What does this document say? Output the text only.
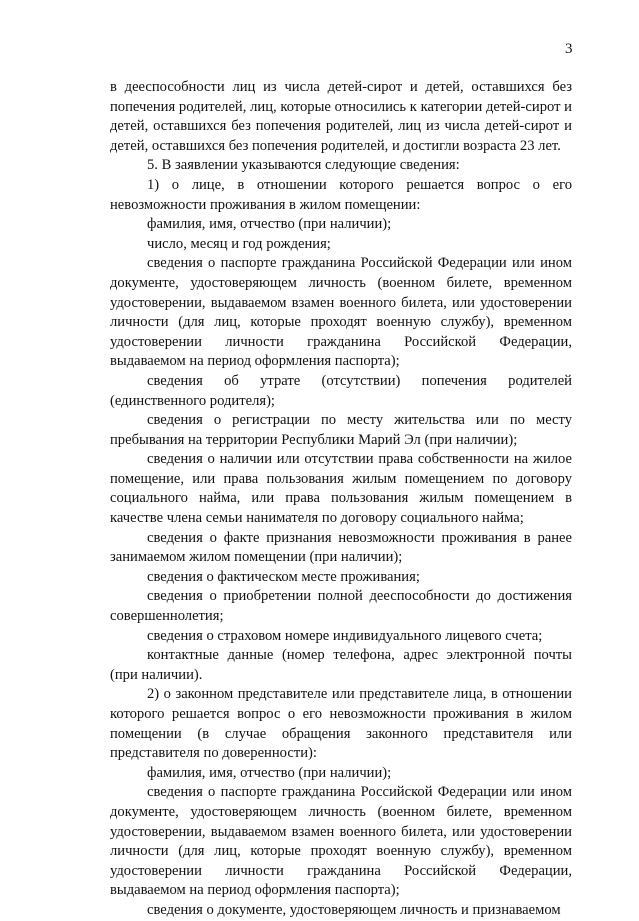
3

в дееспособности лиц из числа детей-сирот и детей, оставшихся без попечения родителей, лиц, которые относились к категории детей-сирот и детей, оставшихся без попечения родителей, лиц из числа детей-сирот и детей, оставшихся без попечения родителей, и достигли возраста 23 лет.

5. В заявлении указываются следующие сведения:

1) о лице, в отношении которого решается вопрос о его невозможности проживания в жилом помещении:

фамилия, имя, отчество (при наличии);

число, месяц и год рождения;

сведения о паспорте гражданина Российской Федерации или ином документе, удостоверяющем личность (военном билете, временном удостоверении, выдаваемом взамен военного билета, или удостоверении личности (для лиц, которые проходят военную службу), временном удостоверении личности гражданина Российской Федерации, выдаваемом на период оформления паспорта);

сведения об утрате (отсутствии) попечения родителей (единственного родителя);

сведения о регистрации по месту жительства или по месту пребывания на территории Республики Марий Эл (при наличии);

сведения о наличии или отсутствии права собственности на жилое помещение, или права пользования жилым помещением по договору социального найма, или права пользования жилым помещением в качестве члена семьи нанимателя по договору социального найма;

сведения о факте признания невозможности проживания в ранее занимаемом жилом помещении (при наличии);

сведения о фактическом месте проживания;

сведения о приобретении полной дееспособности до достижения совершеннолетия;

сведения о страховом номере индивидуального лицевого счета;

контактные данные (номер телефона, адрес электронной почты (при наличии).

2) о законном представителе или представителе лица, в отношении которого решается вопрос о его невозможности проживания в жилом помещении (в случае обращения законного представителя или представителя по доверенности):

фамилия, имя, отчество (при наличии);

сведения о паспорте гражданина Российской Федерации или ином документе, удостоверяющем личность (военном билете, временном удостоверении, выдаваемом взамен военного билета, или удостоверении личности (для лиц, которые проходят военную службу), временном удостоверении личности гражданина Российской Федерации, выдаваемом на период оформления паспорта);

сведения о документе, удостоверяющем личность и признаваемом
